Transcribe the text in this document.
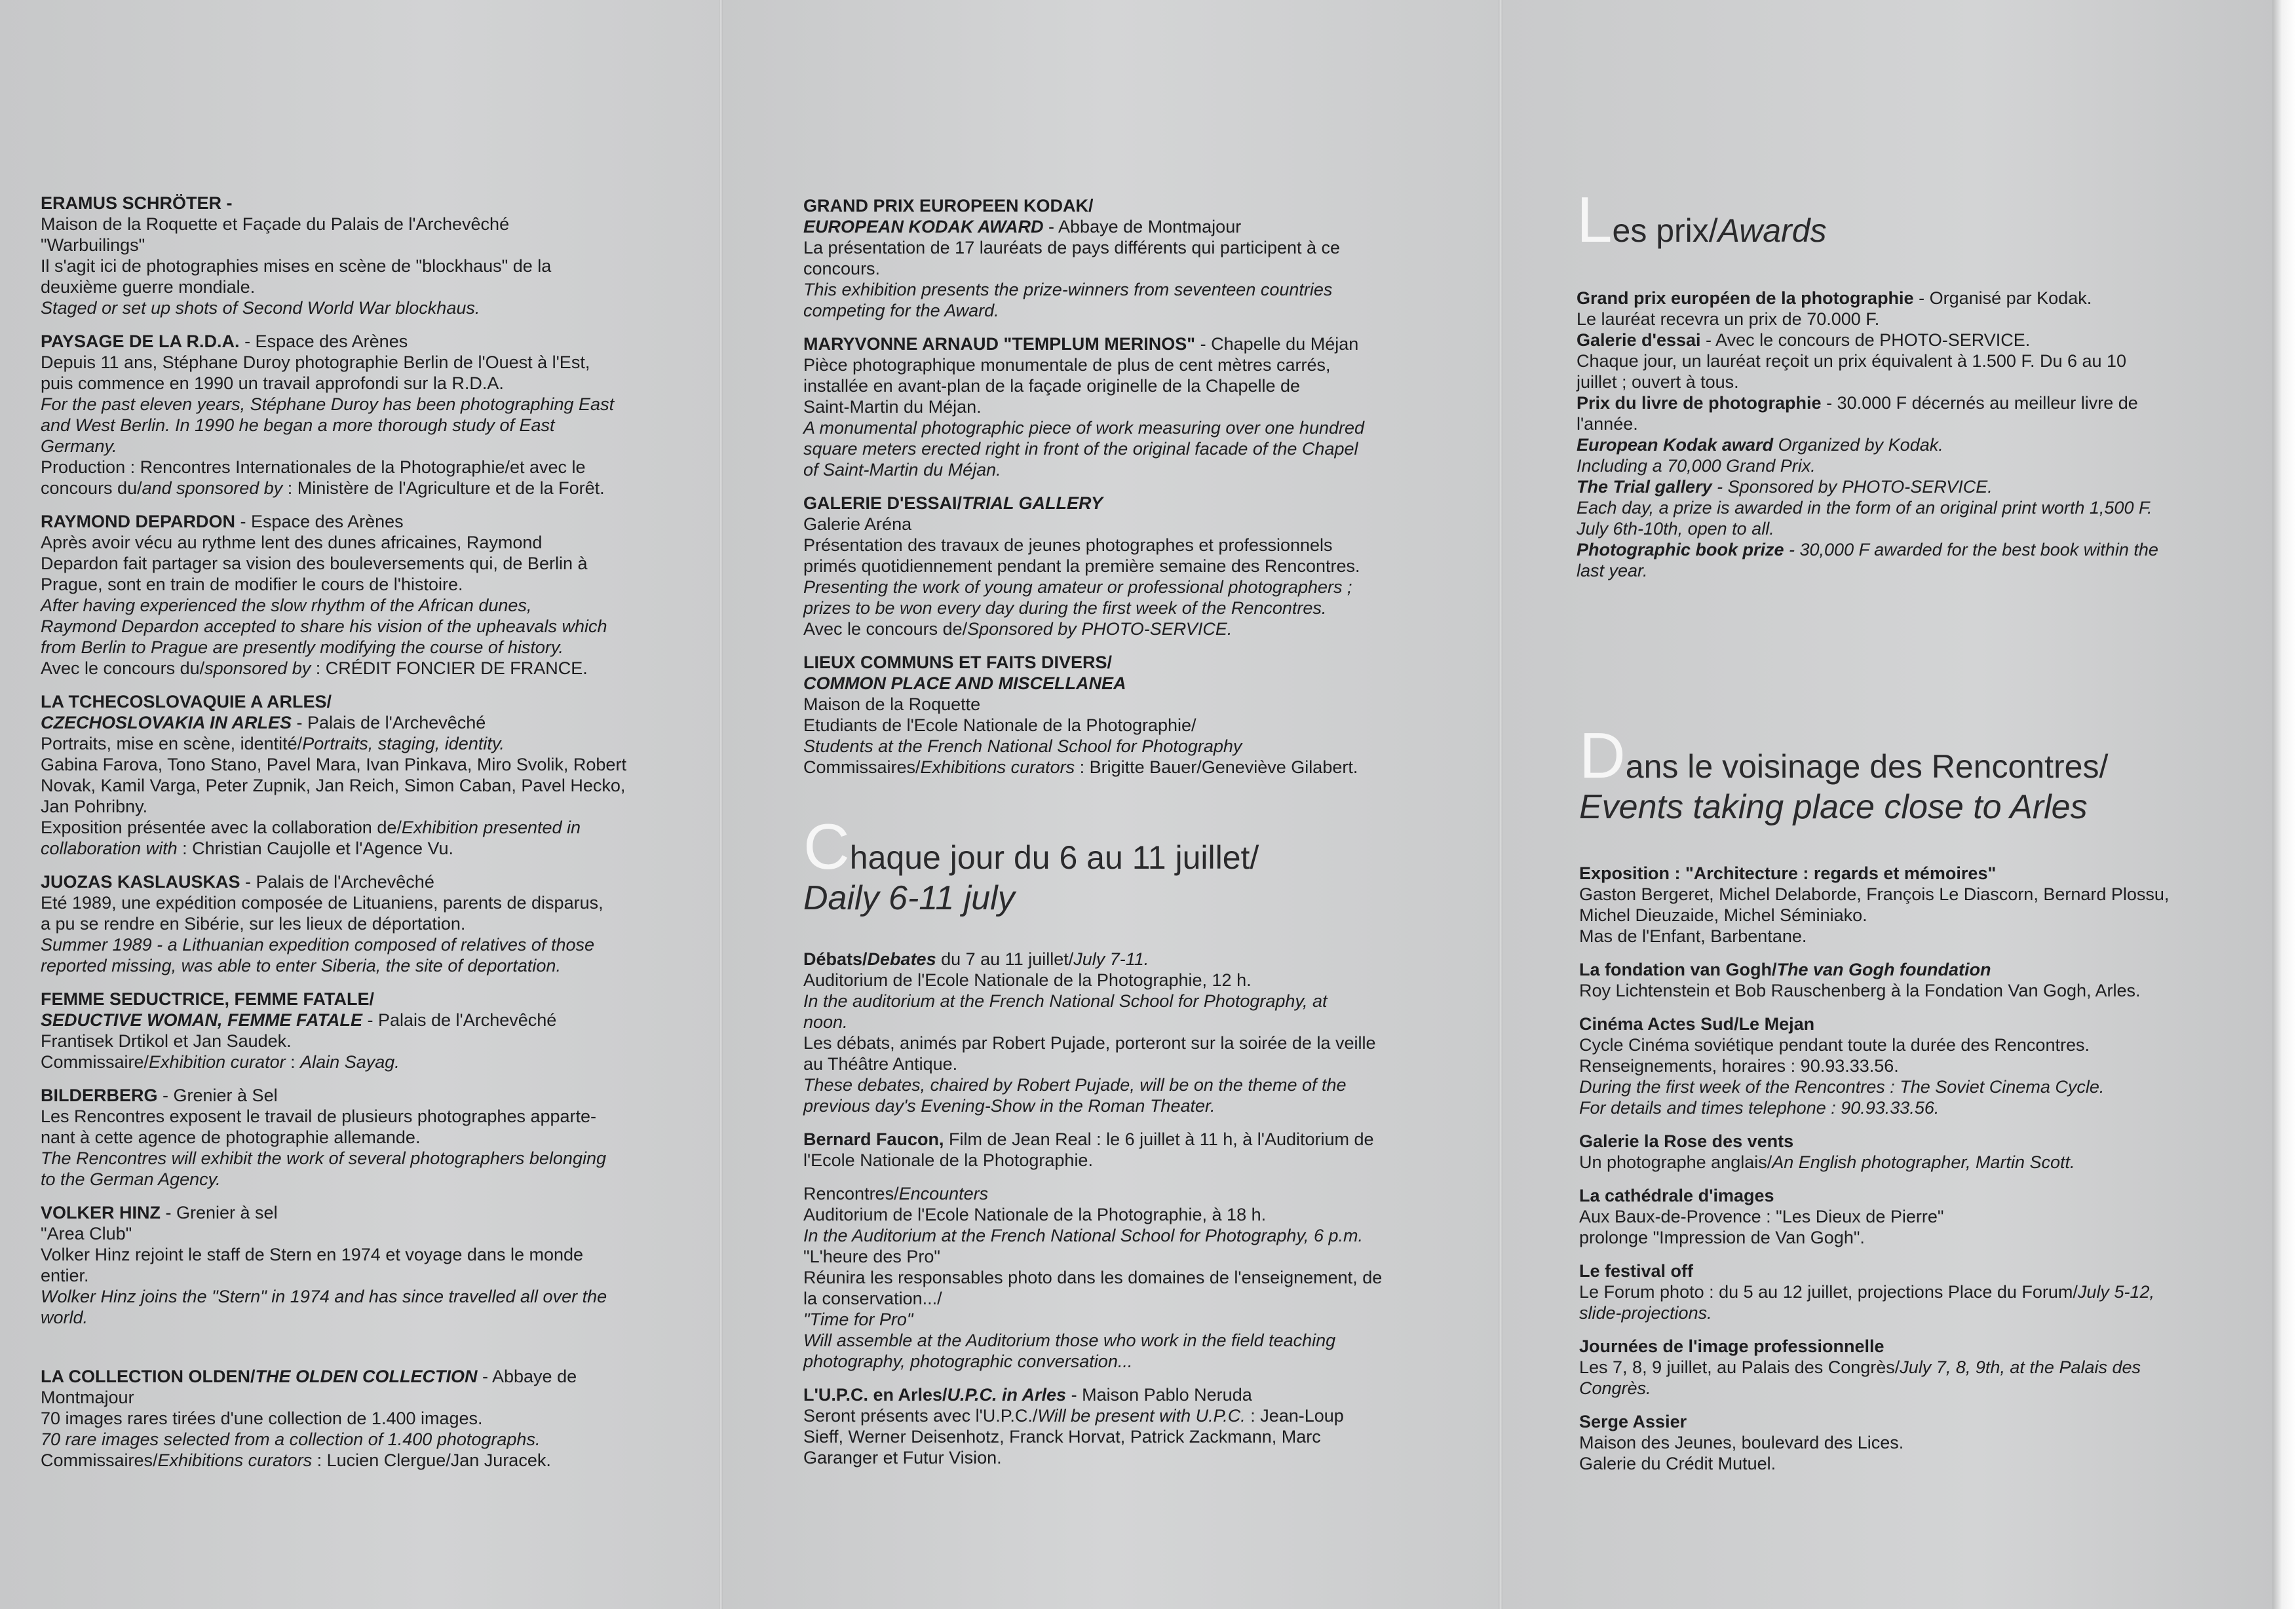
ERAMUS SCHRÖTER -
Maison de la Roquette et Façade du Palais de l'Archevêché
"Warbuilings"
Il s'agit ici de photographies mises en scène de "blockhaus" de la
deuxième guerre mondiale.
Staged or set up shots of Second World War blockhaus.
PAYSAGE DE LA R.D.A. - Espace des Arènes
Depuis 11 ans, Stéphane Duroy photographie Berlin de l'Ouest à l'Est,
puis commence en 1990 un travail approfondi sur la R.D.A.
For the past eleven years, Stéphane Duroy has been photographing East
and West Berlin. In 1990 he began a more thorough study of East
Germany.
Production : Rencontres Internationales de la Photographie/et avec le
concours du/and sponsored by : Ministère de l'Agriculture et de la Forêt.
RAYMOND DEPARDON - Espace des Arènes
Après avoir vécu au rythme lent des dunes africaines, Raymond
Depardon fait partager sa vision des bouleversements qui, de Berlin à
Prague, sont en train de modifier le cours de l'histoire.
After having experienced the slow rhythm of the African dunes,
Raymond Depardon accepted to share his vision of the upheavals which
from Berlin to Prague are presently modifying the course of history.
Avec le concours du/sponsored by : CRÉDIT FONCIER DE FRANCE.
LA TCHECOSLOVAQUIE A ARLES/
CZECHOSLOVAKIA IN ARLES - Palais de l'Archevêché
Portraits, mise en scène, identité/Portraits, staging, identity.
Gabina Farova, Tono Stano, Pavel Mara, Ivan Pinkava, Miro Svolik, Robert
Novak, Kamil Varga, Peter Zupnik, Jan Reich, Simon Caban, Pavel Hecko,
Jan Pohribny.
Exposition présentée avec la collaboration de/Exhibition presented in
collaboration with : Christian Caujolle et l'Agence Vu.
JUOZAS KASLAUSKAS - Palais de l'Archevêché
Eté 1989, une expédition composée de Lituaniens, parents de disparus,
a pu se rendre en Sibérie, sur les lieux de déportation.
Summer 1989 - a Lithuanian expedition composed of relatives of those
reported missing, was able to enter Siberia, the site of deportation.
FEMME SEDUCTRICE, FEMME FATALE/
SEDUCTIVE WOMAN, FEMME FATALE - Palais de l'Archevêché
Frantisek Drtikol et Jan Saudek.
Commissaire/Exhibition curator : Alain Sayag.
BILDERBERG - Grenier à Sel
Les Rencontres exposent le travail de plusieurs photographes apparte-
nant à cette agence de photographie allemande.
The Rencontres will exhibit the work of several photographers belonging
to the German Agency.
VOLKER HINZ - Grenier à sel
"Area Club"
Volker Hinz rejoint le staff de Stern en 1974 et voyage dans le monde
entier.
Wolker Hinz joins the "Stern" in 1974 and has since travelled all over the
world.
LA COLLECTION OLDEN/THE OLDEN COLLECTION - Abbaye de
Montmajour
70 images rares tirées d'une collection de 1.400 images.
70 rare images selected from a collection of 1.400 photographs.
Commissaires/Exhibitions curators : Lucien Clergue/Jan Juracek.
GRAND PRIX EUROPEEN KODAK/
EUROPEAN KODAK AWARD - Abbaye de Montmajour
La présentation de 17 lauréats de pays différents qui participent à ce
concours.
This exhibition presents the prize-winners from seventeen countries
competing for the Award.
MARYVONNE ARNAUD "TEMPLUM MERINOS" - Chapelle du Méjan
Pièce photographique monumentale de plus de cent mètres carrés,
installée en avant-plan de la façade originelle de la Chapelle de
Saint-Martin du Méjan.
A monumental photographic piece of work measuring over one hundred
square meters erected right in front of the original facade of the Chapel
of Saint-Martin du Méjan.
GALERIE D'ESSAI/TRIAL GALLERY
Galerie Aréna
Présentation des travaux de jeunes photographes et professionnels
primés quotidiennement pendant la première semaine des Rencontres.
Presenting the work of young amateur or professional photographers ;
prizes to be won every day during the first week of the Rencontres.
Avec le concours de/Sponsored by PHOTO-SERVICE.
LIEUX COMMUNS ET FAITS DIVERS/
COMMON PLACE AND MISCELLANEA
Maison de la Roquette
Etudiants de l'Ecole Nationale de la Photographie/
Students at the French National School for Photography
Commissaires/Exhibitions curators : Brigitte Bauer/Geneviève Gilabert.
Chaque jour du 6 au 11 juillet/
Daily 6-11 july
Débats/Debates du 7 au 11 juillet/July 7-11.
Auditorium de l'Ecole Nationale de la Photographie, 12 h.
In the auditorium at the French National School for Photography, at
noon.
Les débats, animés par Robert Pujade, porteront sur la soirée de la veille
au Théâtre Antique.
These debates, chaired by Robert Pujade, will be on the theme of the
previous day's Evening-Show in the Roman Theater.
Bernard Faucon, Film de Jean Real : le 6 juillet à 11 h, à l'Auditorium de
l'Ecole Nationale de la Photographie.
Rencontres/Encounters
Auditorium de l'Ecole Nationale de la Photographie, à 18 h.
In the Auditorium at the French National School for Photography, 6 p.m.
"L'heure des Pro"
Réunira les responsables photo dans les domaines de l'enseignement, de
la conservation.../
"Time for Pro"
Will assemble at the Auditorium those who work in the field teaching
photography, photographic conversation...
L'U.P.C. en Arles/U.P.C. in Arles - Maison Pablo Neruda
Seront présents avec l'U.P.C./Will be present with U.P.C. : Jean-Loup
Sieff, Werner Deisenhotz, Franck Horvat, Patrick Zackmann, Marc
Garanger et Futur Vision.
Les prix/Awards
Grand prix européen de la photographie - Organisé par Kodak.
Le lauréat recevra un prix de 70.000 F.
Galerie d'essai - Avec le concours de PHOTO-SERVICE.
Chaque jour, un lauréat reçoit un prix équivalent à 1.500 F. Du 6 au 10
juillet ; ouvert à tous.
Prix du livre de photographie - 30.000 F décernés au meilleur livre de
l'année.
European Kodak award Organized by Kodak.
Including a 70,000 Grand Prix.
The Trial gallery - Sponsored by PHOTO-SERVICE.
Each day, a prize is awarded in the form of an original print worth 1,500 F.
July 6th-10th, open to all.
Photographic book prize - 30,000 F awarded for the best book within the
last year.
Dans le voisinage des Rencontres/
Events taking place close to Arles
Exposition : "Architecture : regards et mémoires"
Gaston Bergeret, Michel Delaborde, François Le Diascorn, Bernard Plossu,
Michel Dieuzaide, Michel Séminiako.
Mas de l'Enfant, Barbentane.
La fondation van Gogh/The van Gogh foundation
Roy Lichtenstein et Bob Rauschenberg à la Fondation Van Gogh, Arles.
Cinéma Actes Sud/Le Mejan
Cycle Cinéma soviétique pendant toute la durée des Rencontres.
Renseignements, horaires : 90.93.33.56.
During the first week of the Rencontres : The Soviet Cinema Cycle.
For details and times telephone : 90.93.33.56.
Galerie la Rose des vents
Un photographe anglais/An English photographer, Martin Scott.
La cathédrale d'images
Aux Baux-de-Provence : "Les Dieux de Pierre"
prolonge "Impression de Van Gogh".
Le festival off
Le Forum photo : du 5 au 12 juillet, projections Place du Forum/July 5-12,
slide-projections.
Journées de l'image professionnelle
Les 7, 8, 9 juillet, au Palais des Congrès/July 7, 8, 9th, at the Palais des
Congrès.
Serge Assier
Maison des Jeunes, boulevard des Lices.
Galerie du Crédit Mutuel.
